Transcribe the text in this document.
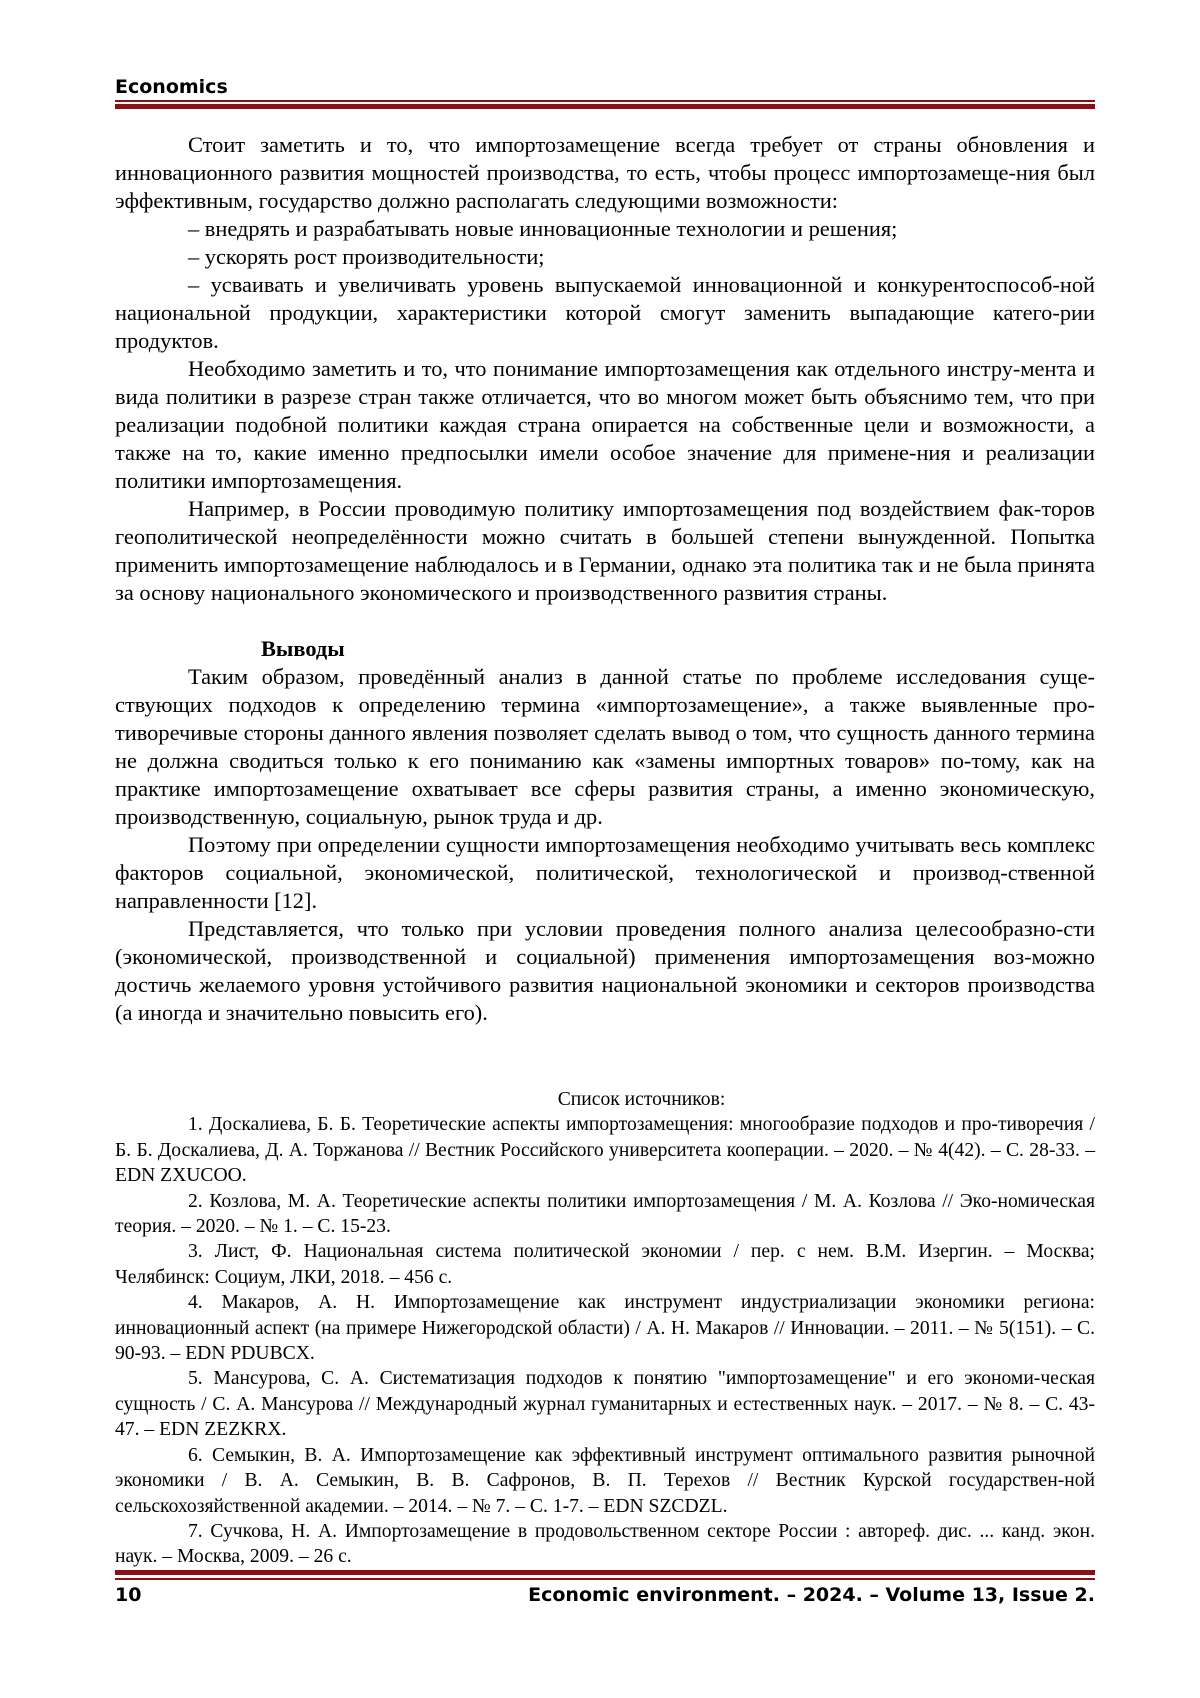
Economics

Стоит заметить и то, что импортозамещение всегда требует от страны обновления и инновационного развития мощностей производства, то есть, чтобы процесс импортозамеще-ния был эффективным, государство должно располагать следующими возможности:

– внедрять и разрабатывать новые инновационные технологии и решения;

– ускорять рост производительности;

– усваивать и увеличивать уровень выпускаемой инновационной и конкурентоспособ-ной национальной продукции, характеристики которой смогут заменить выпадающие катего-рии продуктов.

Необходимо заметить и то, что понимание импортозамещения как отдельного инстру-мента и вида политики в разрезе стран также отличается, что во многом может быть объяснимо тем, что при реализации подобной политики каждая страна опирается на собственные цели и возможности, а также на то, какие именно предпосылки имели особое значение для примене-ния и реализации политики импортозамещения.

Например, в России проводимую политику импортозамещения под воздействием фак-торов геополитической неопределённости можно считать в большей степени вынужденной. Попытка применить импортозамещение наблюдалось и в Германии, однако эта политика так и не была принята за основу национального экономического и производственного развития страны.

Выводы

Таким образом, проведённый анализ в данной статье по проблеме исследования суще-ствующих подходов к определению термина «импортозамещение», а также выявленные про-тиворечивые стороны данного явления позволяет сделать вывод о том, что сущность данного термина не должна сводиться только к его пониманию как «замены импортных товаров» по-тому, как на практике импортозамещение охватывает все сферы развития страны, а именно экономическую, производственную, социальную, рынок труда и др.

Поэтому при определении сущности импортозамещения необходимо учитывать весь комплекс факторов социальной, экономической, политической, технологической и производ-ственной направленности [12].

Представляется, что только при условии проведения полного анализа целесообразно-сти (экономической, производственной и социальной) применения импортозамещения воз-можно достичь желаемого уровня устойчивого развития национальной экономики и секторов производства (а иногда и значительно повысить его).

Список источников:

1. Доскалиева, Б. Б. Теоретические аспекты импортозамещения: многообразие подходов и про-тиворечия / Б. Б. Доскалиева, Д. А. Торжанова // Вестник Российского университета кооперации. – 2020. – № 4(42). – С. 28-33. – EDN ZXUCOO.

2. Козлова, М. А. Теоретические аспекты политики импортозамещения / М. А. Козлова // Эко-номическая теория. – 2020. – № 1. – С. 15-23.

3. Лист, Ф. Национальная система политической экономии / пер. с нем. В.М. Изергин. – Москва; Челябинск: Социум, ЛКИ, 2018. – 456 с.

4. Макаров, А. Н. Импортозамещение как инструмент индустриализации экономики региона: инновационный аспект (на примере Нижегородской области) / А. Н. Макаров // Инновации. – 2011. – № 5(151). – С. 90-93. – EDN PDUBCX.

5. Мансурова, С. А. Систематизация подходов к понятию "импортозамещение" и его экономи-ческая сущность / С. А. Мансурова // Международный журнал гуманитарных и естественных наук. – 2017. – № 8. – С. 43-47. – EDN ZEZKRX.

6. Семыкин, В. А. Импортозамещение как эффективный инструмент оптимального развития рыночной экономики / В. А. Семыкин, В. В. Сафронов, В. П. Терехов // Вестник Курской государствен-ной сельскохозяйственной академии. – 2014. – № 7. – С. 1-7. – EDN SZCDZL.

7. Сучкова, Н. А. Импортозамещение в продовольственном секторе России : автореф. дис. ... канд. экон. наук. – Москва, 2009. – 26 с.

10	Economic environment. – 2024. – Volume 13, Issue 2.
